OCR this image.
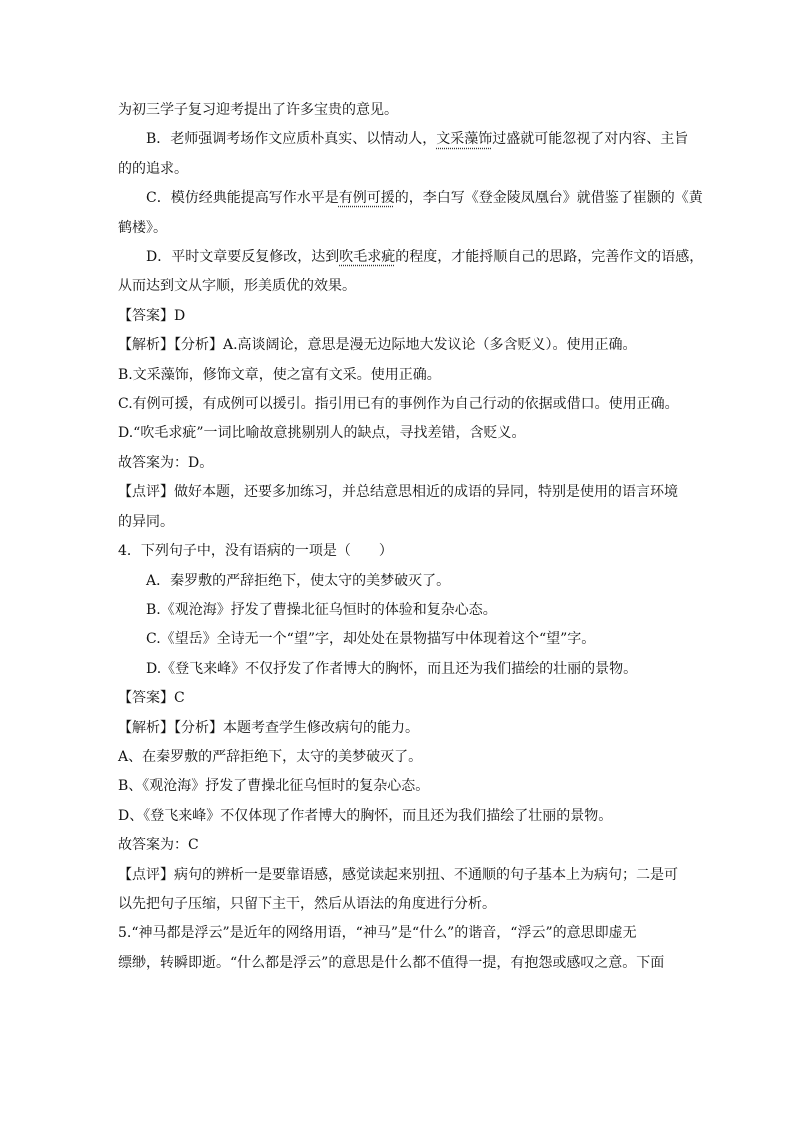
为初三学子复习迎考提出了许多宝贵的意见。
B．老师强调考场作文应质朴真实、以情动人，文采藻饰过盛就可能忽视了对内容、主旨
的的追求。
C．模仿经典能提高写作水平是有例可援的，李白写《登金陵凤凰台》就借鉴了崔颢的《黄
鹤楼》。
D．平时文章要反复修改，达到吹毛求疵的程度，才能捋顺自己的思路，完善作文的语感，
从而达到文从字顺，形美质优的效果。
【答案】D
【解析】【分析】A.高谈阔论，意思是漫无边际地大发议论（多含贬义）。使用正确。
B.文采藻饰，修饰文章，使之富有文采。使用正确。
C.有例可援，有成例可以援引。指引用已有的事例作为自己行动的依据或借口。使用正确。
D.“吹毛求疵”一词比喻故意挑剔别人的缺点，寻找差错，含贬义。
故答案为：D。
【点评】做好本题，还要多加练习，并总结意思相近的成语的异同，特别是使用的语言环境
的异同。
4．下列句子中，没有语病的一项是（　　）
A．秦罗敷的严辞拒绝下，使太守的美梦破灭了。
B.《观沧海》抒发了曹操北征乌恒时的体验和复杂心态。
C.《望岳》全诗无一个“望”字，却处处在景物描写中体现着这个“望”字。
D.《登飞来峰》不仅抒发了作者博大的胸怀，而且还为我们描绘的壮丽的景物。
【答案】C
【解析】【分析】本题考查学生修改病句的能力。
A、在秦罗敷的严辞拒绝下，太守的美梦破灭了。
B、《观沧海》抒发了曹操北征乌恒时的复杂心态。
D、《登飞来峰》不仅体现了作者博大的胸怀，而且还为我们描绘了壮丽的景物。
故答案为：C
【点评】病句的辨析一是要靠语感，感觉读起来别扭、不通顺的句子基本上为病句；二是可
以先把句子压缩，只留下主干，然后从语法的角度进行分析。
5.“神马都是浮云”是近年的网络用语，“神马”是“什么”的谐音，“浮云”的意思即虚无
缥缈，转瞬即逝。“什么都是浮云”的意思是什么都不值得一提，有抱怨或感叹之意。下面
